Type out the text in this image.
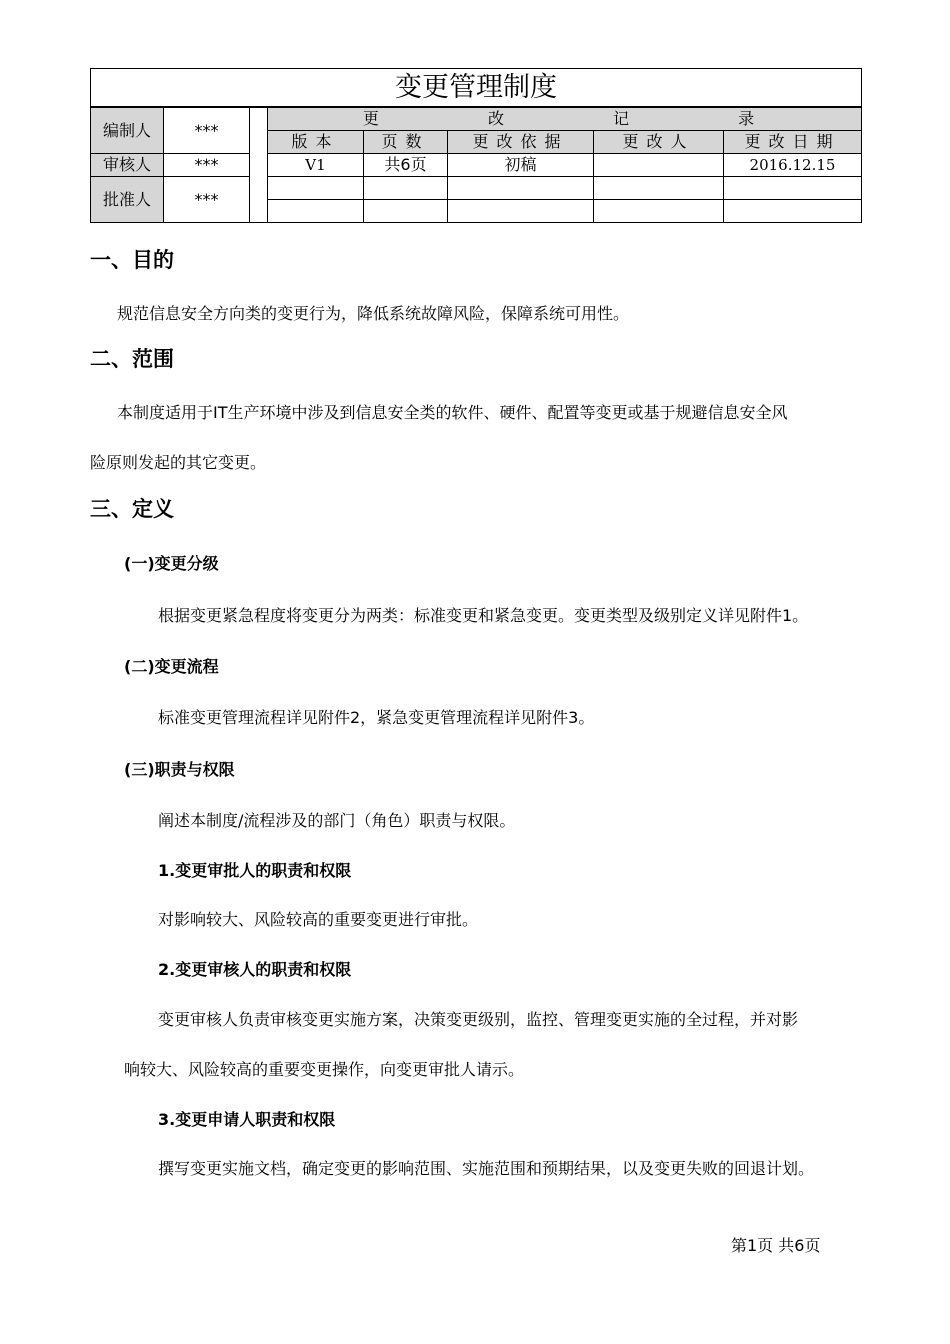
变更管理制度							
编制人	***		更 改 记 录				
			版本	页数	更改依据	更改人	更改日期
审核人	***		V1	共6页	初稿		2016.12.15
批准人	***						

一、目的
规范信息安全方向类的变更行为，降低系统故障风险，保障系统可用性。
二、范围
本制度适用于IT生产环境中涉及到信息安全类的软件、硬件、配置等变更或基于规避信息安全风
险原则发起的其它变更。
三、定义
(一)变更分级
根据变更紧急程度将变更分为两类：标准变更和紧急变更。变更类型及级别定义详见附件1。
(二)变更流程
标准变更管理流程详见附件2，紧急变更管理流程详见附件3。
(三)职责与权限
阐述本制度/流程涉及的部门（角色）职责与权限。
1.变更审批人的职责和权限
对影响较大、风险较高的重要变更进行审批。
2.变更审核人的职责和权限
变更审核人负责审核变更实施方案，决策变更级别，监控、管理变更实施的全过程，并对影
响较大、风险较高的重要变更操作，向变更审批人请示。
3.变更申请人职责和权限
撰写变更实施文档，确定变更的影响范围、实施范围和预期结果，以及变更失败的回退计划。
第1页 共6页
